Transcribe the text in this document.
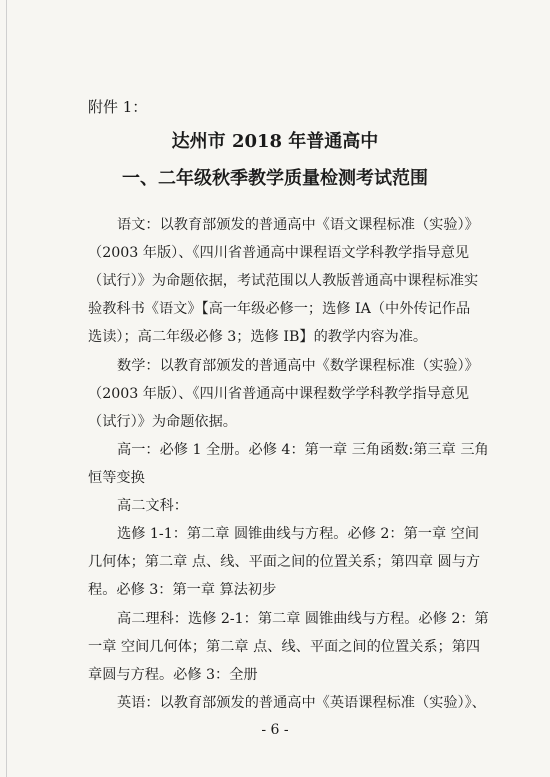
附件 1：
达州市 2018 年普通高中
一、二年级秋季教学质量检测考试范围
语文：以教育部颁发的普通高中《语文课程标准（实验）》
（2003 年版）、《四川省普通高中课程语文学科教学指导意见
（试行）》为命题依据，考试范围以人教版普通高中课程标准实
验教科书《语文》【高一年级必修一；选修 IA（中外传记作品
选读）；高二年级必修 3；选修 IB】的教学内容为准。
数学：以教育部颁发的普通高中《数学课程标准（实验）》
（2003 年版）、《四川省普通高中课程数学学科教学指导意见
（试行）》为命题依据。
高一：必修 1 全册。必修 4：第一章 三角函数:第三章 三角
恒等变换
高二文科：
选修 1-1：第二章 圆锥曲线与方程。必修 2：第一章 空间
几何体；第二章 点、线、平面之间的位置关系；第四章 圆与方
程。必修 3：第一章 算法初步
高二理科：选修 2-1：第二章 圆锥曲线与方程。必修 2：第
一章 空间几何体；第二章 点、线、平面之间的位置关系；第四
章圆与方程。必修 3：全册
英语：以教育部颁发的普通高中《英语课程标准（实验）》、
- 6 -
